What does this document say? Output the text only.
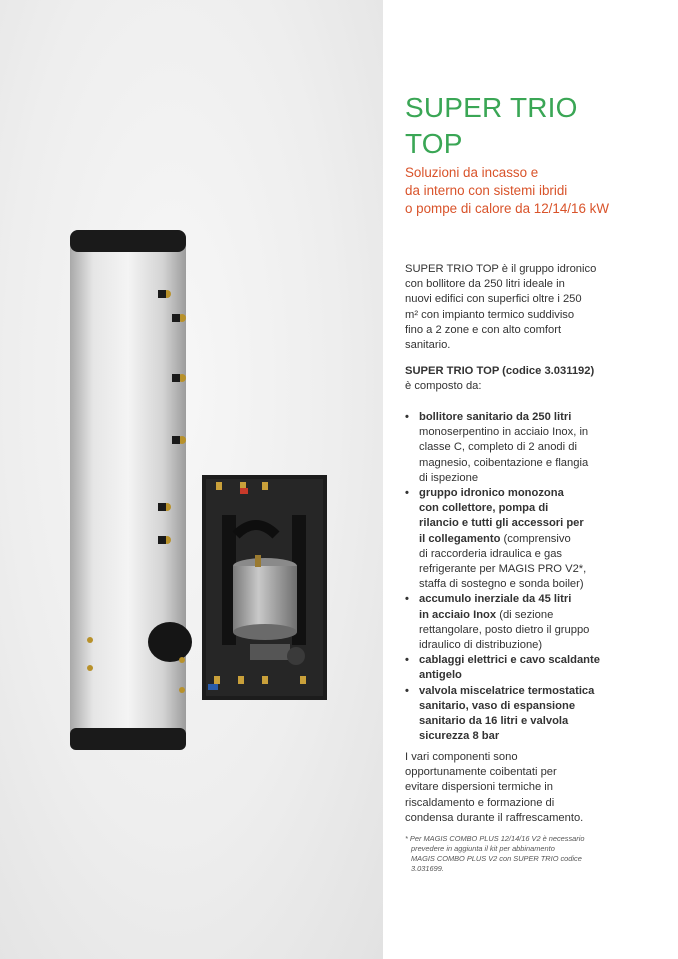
SUPER TRIO
TOP
Soluzioni da incasso e
da interno con sistemi ibridi
o pompe di calore da 12/14/16 kW
SUPER TRIO TOP è il gruppo idronico
con bollitore da 250 litri ideale in
nuovi edifici con superfici oltre i 250
m² con impianto termico suddiviso
fino a 2 zone e con alto comfort
sanitario.
SUPER TRIO TOP (codice 3.031192)
è composto da:
• bollitore sanitario da 250 litri
monoserpentino in acciaio Inox, in
classe C, completo di 2 anodi di
magnesio, coibentazione e flangia
di ispezione
• gruppo idronico monozona
con collettore, pompa di
rilancio e tutti gli accessori per
il collegamento (comprensivo
di raccorderia idraulica e gas
refrigerante per MAGIS PRO V2*,
staffa di sostegno e sonda boiler)
• accumulo inerziale da 45 litri
in acciaio Inox (di sezione
rettangolare, posto dietro il gruppo
idraulico di distribuzione)
• cablaggi elettrici e cavo scaldante
antigelo
• valvola miscelatrice termostatica
sanitario, vaso di espansione
sanitario da 16 litri e valvola
sicurezza 8 bar
I vari componenti sono
opportunamente coibentati per
evitare dispersioni termiche in
riscaldamento e formazione di
condensa durante il raffrescamento.
* Per MAGIS COMBO PLUS 12/14/16 V2 è necessario
prevedere in aggiunta il kit per abbinamento
MAGIS COMBO PLUS V2 con SUPER TRIO codice
3.031699.
